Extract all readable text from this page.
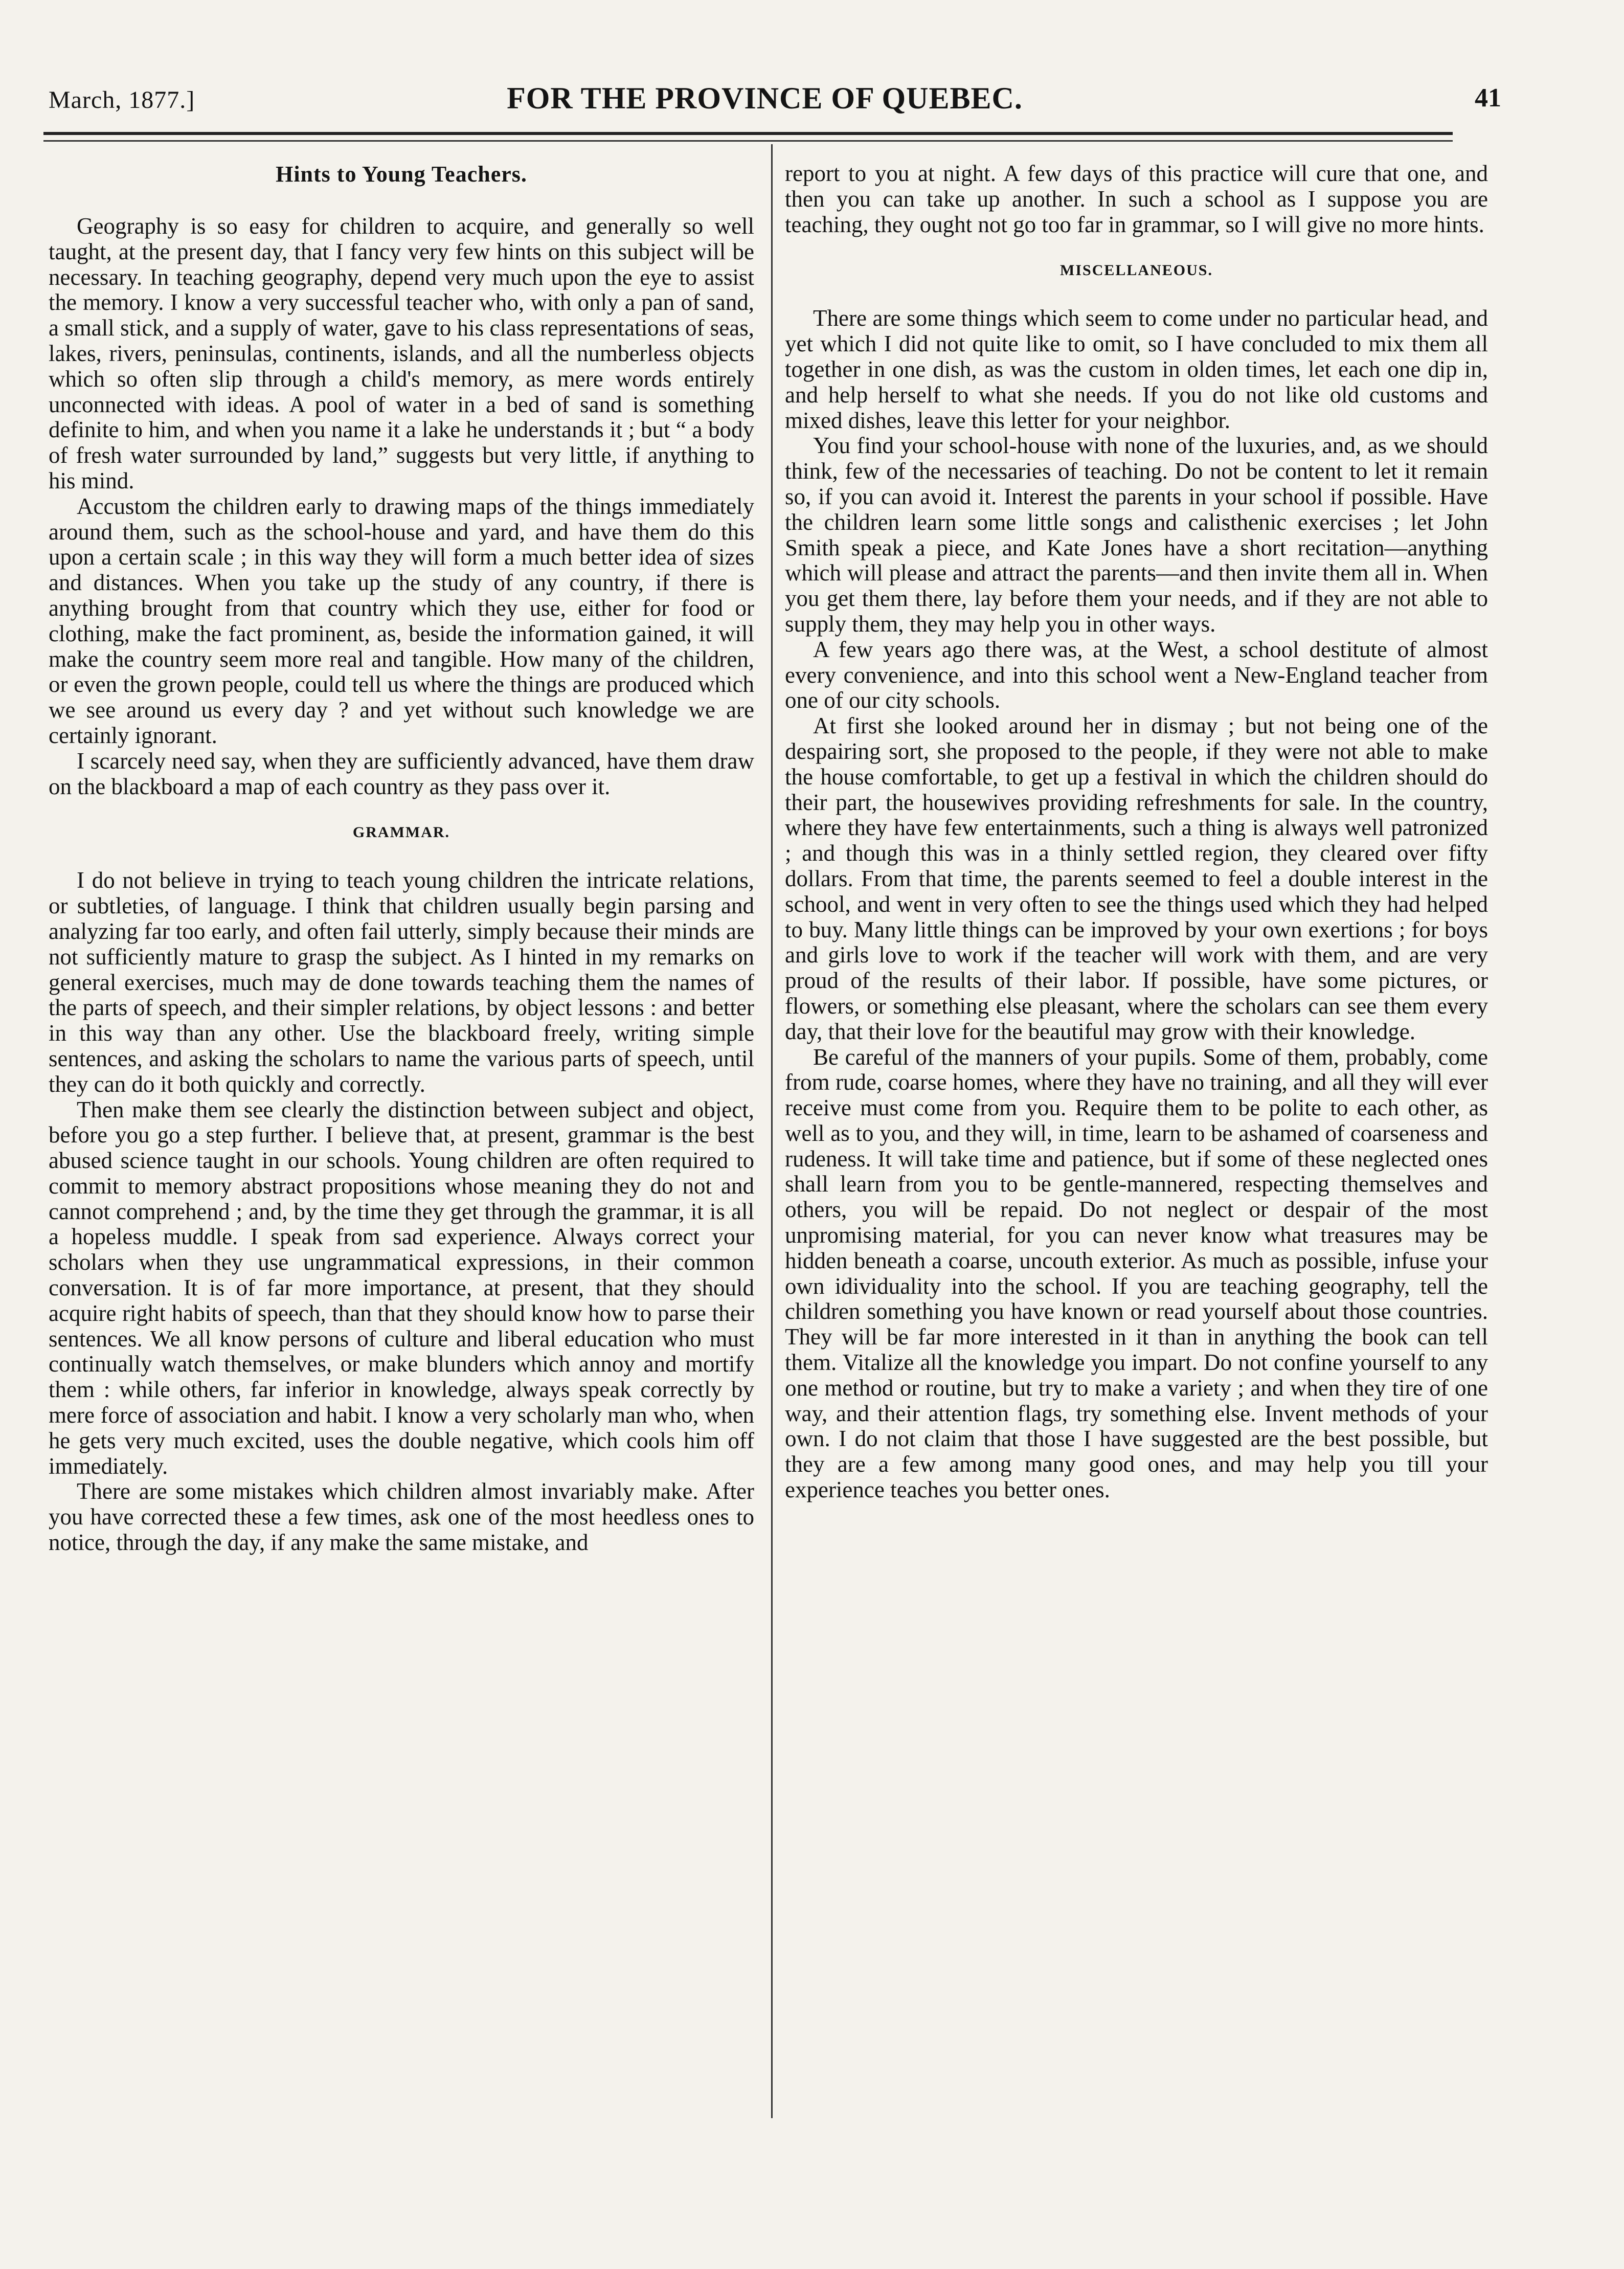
March, 1877.]	FOR THE PROVINCE OF QUEBEC.	41
Hints to Young Teachers.

Geography is so easy for children to acquire, and generally so well taught, at the present day, that I fancy very few hints on this subject will be necessary. In teaching geography, depend very much upon the eye to assist the memory. I know a very successful teacher who, with only a pan of sand, a small stick, and a supply of water, gave to his class representations of seas, lakes, rivers, peninsulas, continents, islands, and all the numberless objects which so often slip through a child's memory, as mere words entirely unconnected with ideas. A pool of water in a bed of sand is something definite to him, and when you name it a lake he understands it ; but “ a body of fresh water surrounded by land,” suggests but very little, if anything to his mind.

Accustom the children early to drawing maps of the things immediately around them, such as the school-house and yard, and have them do this upon a certain scale ; in this way they will form a much better idea of sizes and distances. When you take up the study of any country, if there is anything brought from that country which they use, either for food or clothing, make the fact prominent, as, beside the information gained, it will make the country seem more real and tangible. How many of the children, or even the grown people, could tell us where the things are produced which we see around us every day ? and yet without such knowledge we are certainly ignorant.

I scarcely need say, when they are sufficiently advanced, have them draw on the blackboard a map of each country as they pass over it.

GRAMMAR.

I do not believe in trying to teach young children the intricate relations, or subtleties, of language. I think that children usually begin parsing and analyzing far too early, and often fail utterly, simply because their minds are not sufficiently mature to grasp the subject. As I hinted in my remarks on general exercises, much may de done towards teaching them the names of the parts of speech, and their simpler relations, by object lessons : and better in this way than any other. Use the blackboard freely, writing simple sentences, and asking the scholars to name the various parts of speech, until they can do it both quickly and correctly.

Then make them see clearly the distinction between subject and object, before you go a step further. I believe that, at present, grammar is the best abused science taught in our schools. Young children are often required to commit to memory abstract propositions whose meaning they do not and cannot comprehend ; and, by the time they get through the grammar, it is all a hopeless muddle. I speak from sad experience. Always correct your scholars when they use ungrammatical expressions, in their common conversation. It is of far more importance, at present, that they should acquire right habits of speech, than that they should know how to parse their sentences. We all know persons of culture and liberal education who must continually watch themselves, or make blunders which annoy and mortify them : while others, far inferior in knowledge, always speak correctly by mere force of association and habit. I know a very scholarly man who, when he gets very much excited, uses the double negative, which cools him off immediately.

There are some mistakes which children almost invariably make. After you have corrected these a few times, ask one of the most heedless ones to notice, through the day, if any make the same mistake, and

report to you at night. A few days of this practice will cure that one, and then you can take up another. In such a school as I suppose you are teaching, they ought not go too far in grammar, so I will give no more hints.

MISCELLANEOUS.

There are some things which seem to come under no particular head, and yet which I did not quite like to omit, so I have concluded to mix them all together in one dish, as was the custom in olden times, let each one dip in, and help herself to what she needs. If you do not like old customs and mixed dishes, leave this letter for your neighbor.

You find your school-house with none of the luxuries, and, as we should think, few of the necessaries of teaching. Do not be content to let it remain so, if you can avoid it. Interest the parents in your school if possible. Have the children learn some little songs and calisthenic exercises ; let John Smith speak a piece, and Kate Jones have a short recitation—anything which will please and attract the parents—and then invite them all in. When you get them there, lay before them your needs, and if they are not able to supply them, they may help you in other ways.

A few years ago there was, at the West, a school destitute of almost every convenience, and into this school went a New-England teacher from one of our city schools.

At first she looked around her in dismay ; but not being one of the despairing sort, she proposed to the people, if they were not able to make the house comfortable, to get up a festival in which the children should do their part, the housewives providing refreshments for sale. In the country, where they have few entertainments, such a thing is always well patronized ; and though this was in a thinly settled region, they cleared over fifty dollars. From that time, the parents seemed to feel a double interest in the school, and went in very often to see the things used which they had helped to buy. Many little things can be improved by your own exertions ; for boys and girls love to work if the teacher will work with them, and are very proud of the results of their labor. If possible, have some pictures, or flowers, or something else pleasant, where the scholars can see them every day, that their love for the beautiful may grow with their knowledge.

Be careful of the manners of your pupils. Some of them, probably, come from rude, coarse homes, where they have no training, and all they will ever receive must come from you. Require them to be polite to each other, as well as to you, and they will, in time, learn to be ashamed of coarseness and rudeness. It will take time and patience, but if some of these neglected ones shall learn from you to be gentle-mannered, respecting themselves and others, you will be repaid. Do not neglect or despair of the most unpromising material, for you can never know what treasures may be hidden beneath a coarse, uncouth exterior. As much as possible, infuse your own idividuality into the school. If you are teaching geography, tell the children something you have known or read yourself about those countries. They will be far more interested in it than in anything the book can tell them. Vitalize all the knowledge you impart. Do not confine yourself to any one method or routine, but try to make a variety ; and when they tire of one way, and their attention flags, try something else. Invent methods of your own. I do not claim that those I have suggested are the best possible, but they are a few among many good ones, and may help you till your experience teaches you better ones.
